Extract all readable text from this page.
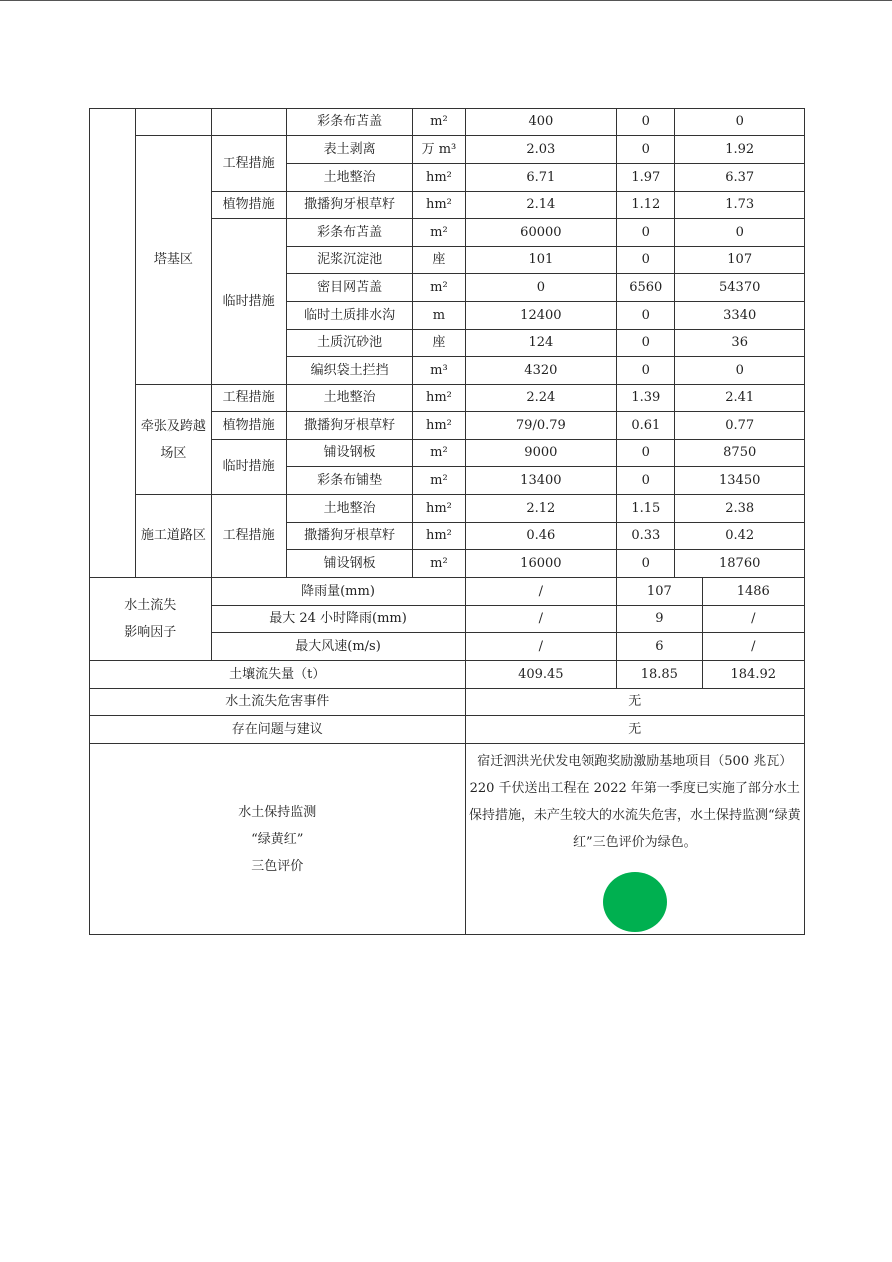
			彩条布苫盖	m²	400	0	0	
	塔基区	工程措施	表土剥离	万 m³	2.03	0	1.92	
			土地整治	hm²	6.71	1.97	6.37	
		植物措施	撒播狗牙根草籽	hm²	2.14	1.12	1.73	
		临时措施	彩条布苫盖	m²	60000	0	0	
			泥浆沉淀池	座	101	0	107	
			密目网苫盖	m²	0	6560	54370	
			临时土质排水沟	m	12400	0	3340	
			土质沉砂池	座	124	0	36	
			编织袋土拦挡	m³	4320	0	0	
	牵张及跨越场区	工程措施	土地整治	hm²	2.24	1.39	2.41	
		植物措施	撒播狗牙根草籽	hm²	79/0.79	0.61	0.77	
		临时措施	铺设钢板	m²	9000	0	8750	
			彩条布铺垫	m²	13400	0	13450	
	施工道路区	工程措施	土地整治	hm²	2.12	1.15	2.38	
			撒播狗牙根草籽	hm²	0.46	0.33	0.42	
			铺设钢板	m²	16000	0	18760	

水土流失
影响因子		降雨量(mm)			/	107		1486
		最大 24 小时降雨(mm)			/	9		/
		最大风速(m/s)			/	6		/
土壤流失量（t）					409.45	18.85		184.92
水土流失危害事件					无			
存在问题与建议					无			

水土保持监测
“绿黄红”
三色评价					宿迁泗洪光伏发电领跑奖励激励基地项目（500 兆瓦）220 千伏送出工程在 2022 年第一季度已实施了部分水土保持措施，未产生较大的水流失危害，水土保持监测“绿黄红”三色评价为绿色。			
